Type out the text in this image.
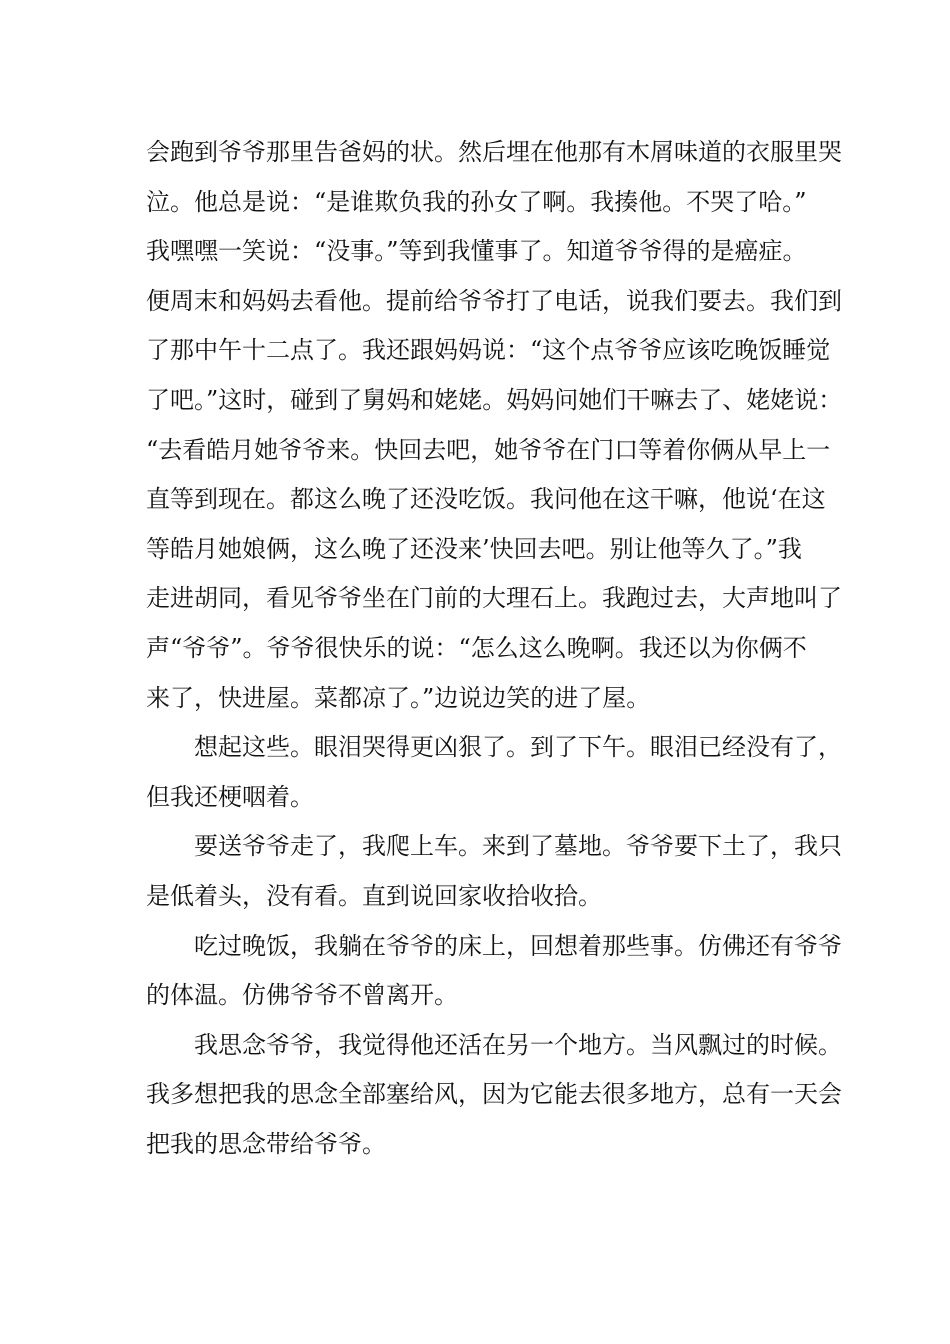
会跑到爷爷那里告爸妈的状。然后埋在他那有木屑味道的衣服里哭
泣。他总是说：“是谁欺负我的孙女了啊。我揍他。不哭了哈。”
我嘿嘿一笑说：“没事。”等到我懂事了。知道爷爷得的是癌症。
便周末和妈妈去看他。提前给爷爷打了电话，说我们要去。我们到
了那中午十二点了。我还跟妈妈说：“这个点爷爷应该吃晚饭睡觉
了吧。”这时，碰到了舅妈和姥姥。妈妈问她们干嘛去了、姥姥说：
“去看皓月她爷爷来。快回去吧，她爷爷在门口等着你俩从早上一
直等到现在。都这么晚了还没吃饭。我问他在这干嘛，他说‘在这
等皓月她娘俩，这么晚了还没来’快回去吧。别让他等久了。”我
走进胡同，看见爷爷坐在门前的大理石上。我跑过去，大声地叫了
声“爷爷”。爷爷很快乐的说：“怎么这么晚啊。我还以为你俩不
来了，快进屋。菜都凉了。”边说边笑的进了屋。
想起这些。眼泪哭得更凶狠了。到了下午。眼泪已经没有了，
但我还梗咽着。
要送爷爷走了，我爬上车。来到了墓地。爷爷要下土了，我只
是低着头，没有看。直到说回家收拾收拾。
吃过晚饭，我躺在爷爷的床上，回想着那些事。仿佛还有爷爷
的体温。仿佛爷爷不曾离开。
我思念爷爷，我觉得他还活在另一个地方。当风飘过的时候。
我多想把我的思念全部塞给风，因为它能去很多地方，总有一天会
把我的思念带给爷爷。
